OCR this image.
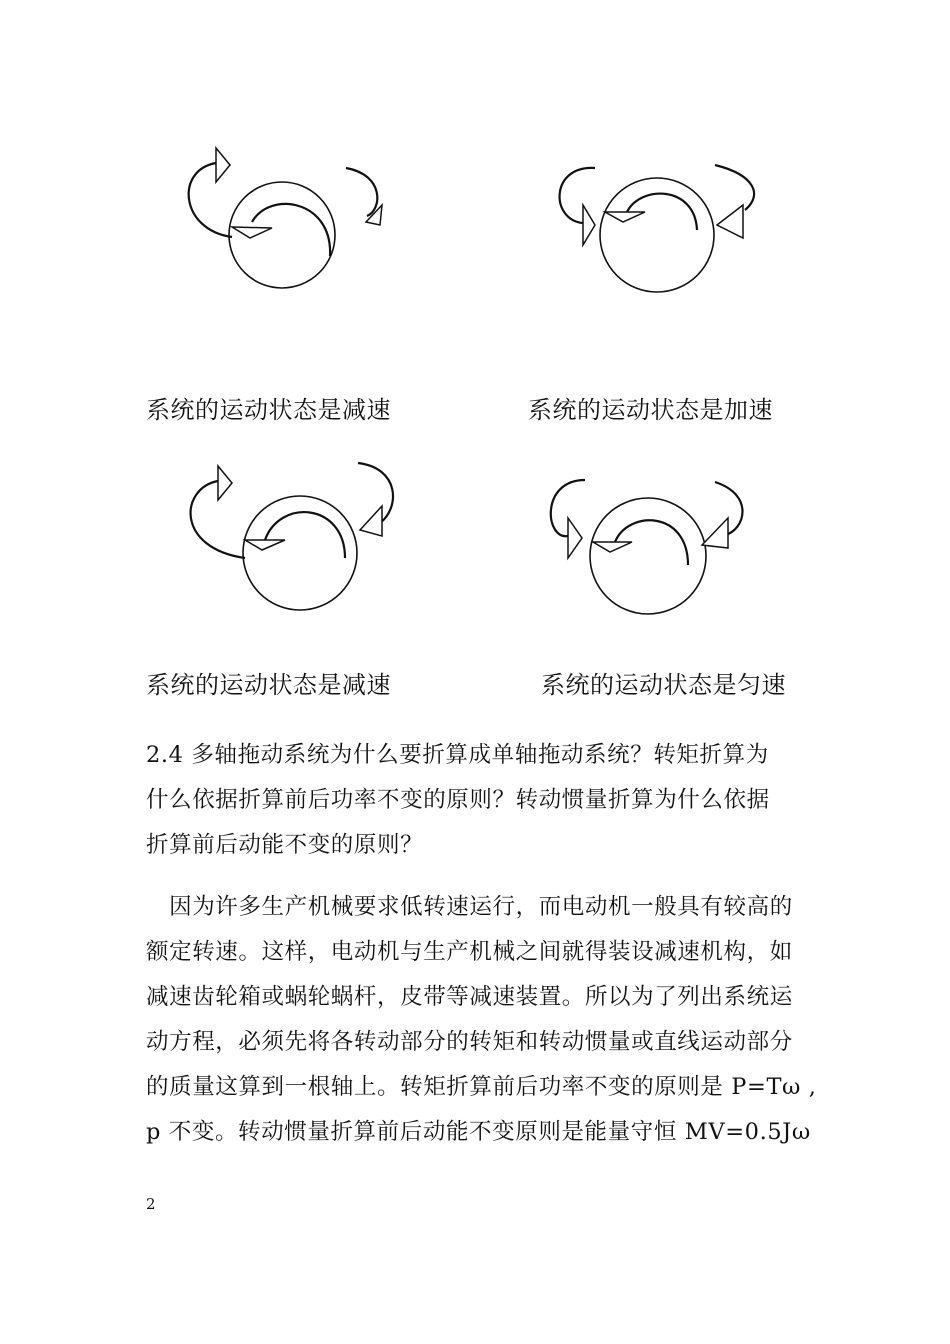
系统的运动状态是减速	系统的运动状态是加速
系统的运动状态是减速	系统的运动状态是匀速
2.4 多轴拖动系统为什么要折算成单轴拖动系统？转矩折算为
什么依据折算前后功率不变的原则？转动惯量折算为什么依据
折算前后动能不变的原则？
　因为许多生产机械要求低转速运行，而电动机一般具有较高的
额定转速。这样，电动机与生产机械之间就得装设减速机构，如
减速齿轮箱或蜗轮蜗杆，皮带等减速装置。所以为了列出系统运
动方程，必须先将各转动部分的转矩和转动惯量或直线运动部分
的质量这算到一根轴上。转矩折算前后功率不变的原则是 P=Tω ,
p 不变。转动惯量折算前后动能不变原则是能量守恒 MV=0.5Jω
2
